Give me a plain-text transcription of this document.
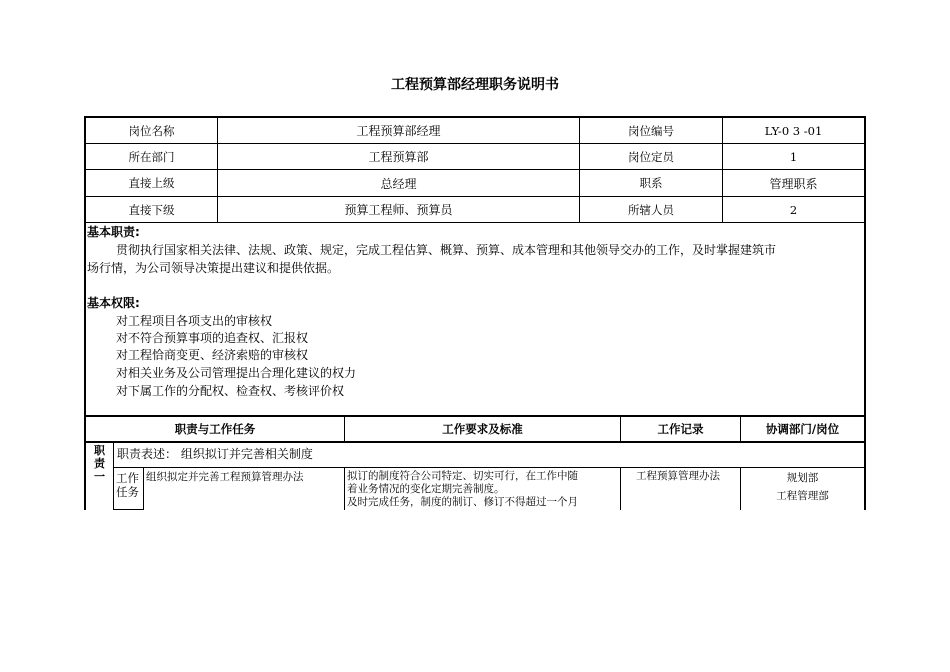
工程预算部经理职务说明书
岗位名称	工程预算部经理	岗位编号	LY-0 3 -01
所在部门	工程预算部	岗位定员	1
直接上级	总经理	职系	管理职系
直接下级	预算工程师、预算员	所辖人员	2
基本职责:
贯彻执行国家相关法律、法规、政策、规定，完成工程估算、概算、预算、成本管理和其他领导交办的工作，及时掌握建筑市
场行情，为公司领导决策提出建议和提供依据。
基本权限:
对工程项目各项支出的审核权
对不符合预算事项的追查权、汇报权
对工程恰商变更、经济索赔的审核权
对相关业务及公司管理提出合理化建议的权力
对下属工作的分配权、检查权、考核评价权
职责与工作任务	工作要求及标准	工作记录	协调部门/岗位
职
责
一
职责表述： 组织拟订并完善相关制度
工作
任务
组织拟定并完善工程预算管理办法	拟订的制度符合公司特定、切实可行，在工作中随
着业务情况的变化定期完善制度。
及时完成任务，制度的制订、修订不得超过一个月
工程预算管理办法	规划部
工程管理部
